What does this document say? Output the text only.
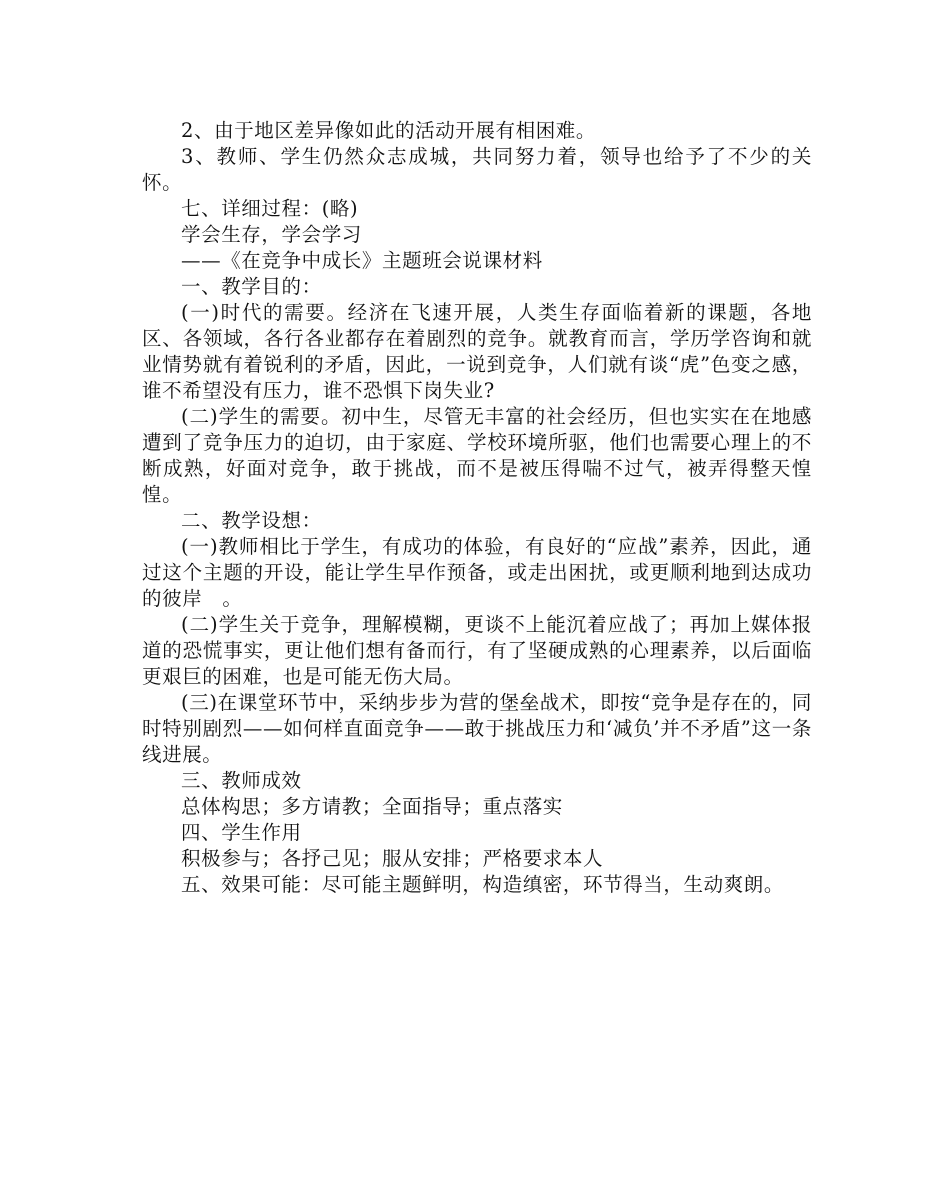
2、由于地区差异像如此的活动开展有相困难。

3、教师、学生仍然众志成城，共同努力着，领导也给予了不少的关怀。

七、详细过程：(略)

学会生存，学会学习

——《在竞争中成长》主题班会说课材料

一、教学目的：

(一)时代的需要。经济在飞速开展，人类生存面临着新的课题，各地区、各领域，各行各业都存在着剧烈的竞争。就教育而言，学历学咨询和就业情势就有着锐利的矛盾，因此，一说到竞争，人们就有谈“虎”色变之感，谁不希望没有压力，谁不恐惧下岗失业?

(二)学生的需要。初中生，尽管无丰富的社会经历，但也实实在在地感遭到了竞争压力的迫切，由于家庭、学校环境所驱，他们也需要心理上的不断成熟，好面对竞争，敢于挑战，而不是被压得喘不过气，被弄得整天惶惶。

二、教学设想：

(一)教师相比于学生，有成功的体验，有良好的“应战”素养，因此，通过这个主题的开设，能让学生早作预备，或走出困扰，或更顺利地到达成功的彼岸　。

(二)学生关于竞争，理解模糊，更谈不上能沉着应战了；再加上媒体报道的恐慌事实，更让他们想有备而行，有了坚硬成熟的心理素养，以后面临更艰巨的困难，也是可能无伤大局。

(三)在课堂环节中，采纳步步为营的堡垒战术，即按“竞争是存在的，同时特别剧烈——如何样直面竞争——敢于挑战压力和‘减负’并不矛盾”这一条线进展。

三、教师成效

总体构思；多方请教；全面指导；重点落实

四、学生作用

积极参与；各抒己见；服从安排；严格要求本人

五、效果可能：尽可能主题鲜明，构造缜密，环节得当，生动爽朗。
